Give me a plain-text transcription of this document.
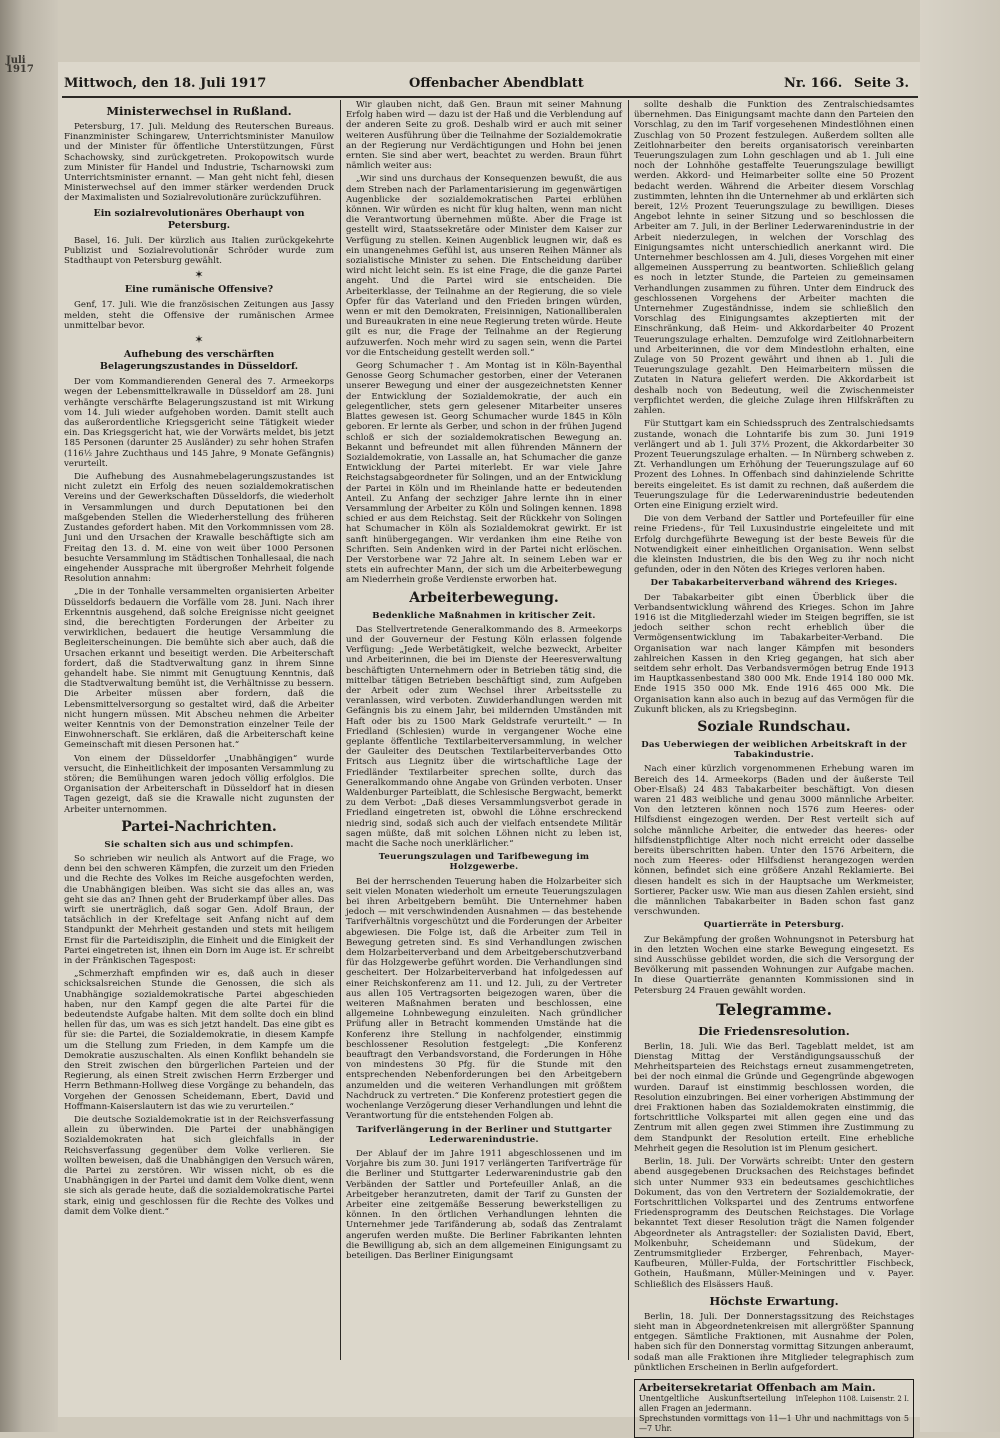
Juli 1917
Mittwoch, den 18. Juli 1917	Offenbacher Abendblatt	Nr. 166. Seite 3.
Ministerwechsel in Rußland.

Petersburg, 17. Juli. Meldung des Reuterschen Bureaus. Finanzminister Schingarew, Unterrichtsminister Manuilow und der Minister für öffentliche Unterstützungen, Fürst Schachowsky, sind zurückgetreten. Prokopowitsch wurde zum Minister für Handel und Industrie, Tscharnowski zum Unterrichtsminister ernannt. — Man geht nicht fehl, diesen Ministerwechsel auf den immer stärker werdenden Druck der Maximalisten und Sozialrevolutionäre zurückzuführen.

Ein sozialrevolutionäres Oberhaupt von Petersburg.

Basel, 16. Juli. Der kürzlich aus Italien zurückgekehrte Publizist und Sozialrevolutionär Schröder wurde zum Stadthaupt von Petersburg gewählt.

✶
Eine rumänische Offensive?

Genf, 17. Juli. Wie die französischen Zeitungen aus Jassy melden, steht die Offensive der rumänischen Armee unmittelbar bevor.

✶
Aufhebung des verschärften Belagerungszustandes in Düsseldorf.

Der vom Kommandierenden General des 7. Armeekorps wegen der Lebensmittelkrawalle in Düsseldorf am 28. Juni verhängte verschärfte Belagerungszustand ist mit Wirkung vom 14. Juli wieder aufgehoben worden. Damit stellt auch das außerordentliche Kriegsgericht seine Tätigkeit wieder ein. Das Kriegsgericht hat, wie der Vorwärts meldet, bis jetzt 185 Personen (darunter 25 Ausländer) zu sehr hohen Strafen (116½ Jahre Zuchthaus und 145 Jahre, 9 Monate Gefängnis) verurteilt.

Die Aufhebung des Ausnahmebelagerungszustandes ist nicht zuletzt ein Erfolg des neuen sozialdemokratischen Vereins und der Gewerkschaften Düsseldorfs, die wiederholt in Versammlungen und durch Deputationen bei den maßgebenden Stellen die Wiederherstellung des früheren Zustandes gefordert haben. Mit den Vorkommnissen vom 28. Juni und den Ursachen der Krawalle beschäftigte sich am Freitag den 13. d. M. eine von weit über 1000 Personen besuchte Versammlung im Städtischen Tonhallesaal, die nach eingehender Aussprache mit übergroßer Mehrheit folgende Resolution annahm:

„Die in der Tonhalle versammelten organisierten Arbeiter Düsseldorfs bedauern die Vorfälle vom 28. Juni. Nach ihrer Erkenntnis ausgehend, daß solche Ereignisse nicht geeignet sind, die berechtigten Forderungen der Arbeiter zu verwirklichen, bedauert die heutige Versammlung die Begleiterscheinungen. Die bemühte sich aber auch, daß die Ursachen erkannt und beseitigt werden. Die Arbeiterschaft fordert, daß die Stadtverwaltung ganz in ihrem Sinne gehandelt habe. Sie nimmt mit Genugtuung Kenntnis, daß die Stadtverwaltung bemüht ist, die Verhältnisse zu bessern. Die Arbeiter müssen aber fordern, daß die Lebensmittelversorgung so gestaltet wird, daß die Arbeiter nicht hungern müssen. Mit Abscheu nehmen die Arbeiter weiter Kenntnis von der Demonstration einzelner Teile der Einwohnerschaft. Sie erklären, daß die Arbeiterschaft keine Gemeinschaft mit diesen Personen hat.“

Von einem der Düsseldorfer „Unabhängigen“ wurde versucht, die Einheitlichkeit der imposanten Versammlung zu stören; die Bemühungen waren jedoch völlig erfolglos. Die Organisation der Arbeiterschaft in Düsseldorf hat in diesen Tagen gezeigt, daß sie die Krawalle nicht zugunsten der Arbeiter unternommen.

Partei-Nachrichten.
Sie schalten sich aus und schimpfen.

So schrieben wir neulich als Antwort auf die Frage, wo denn bei den schweren Kämpfen, die zurzeit um den Frieden und die Rechte des Volkes im Reiche ausgefochten werden, die Unabhängigen bleiben. Was sicht sie das alles an, was geht sie das an? Ihnen geht der Bruderkampf über alles. Das wirft sie unerträglich, daß sogar Gen. Adolf Braun, der tatsächlich in der Krefeltage seit Anfang nicht auf dem Standpunkt der Mehrheit gestanden und stets mit heiligem Ernst für die Parteidisziplin, die Einheit und die Einigkeit der Partei eingetreten ist, ihnen ein Dorn im Auge ist. Er schreibt in der Fränkischen Tagespost:

„Schmerzhaft empfinden wir es, daß auch in dieser schicksalsreichen Stunde die Genossen, die sich als Unabhängige sozialdemokratische Partei abgeschieden haben, nur den Kampf gegen die alte Partei für die bedeutendste Aufgabe halten. Mit dem sollte doch ein blind hellen für das, um was es sich jetzt handelt. Das eine gibt es für sie: die Partei, die Sozialdemokratie, in diesem Kampfe um die Stellung zum Frieden, in dem Kampfe um die Demokratie auszuschalten. Als einen Konflikt behandeln sie den Streit zwischen den bürgerlichen Parteien und der Regierung, als einen Streit zwischen Herrn Erzberger und Herrn Bethmann-Hollweg diese Vorgänge zu behandeln, das Vorgehen der Genossen Scheidemann, Ebert, David und Hoffmann-Kaiserslautern ist das wie zu verurteilen.“

Die deutsche Sozialdemokratie ist in der Reichsverfassung allein zu überwinden. Die Partei der unabhängigen Sozialdemokraten hat sich gleichfalls in der Reichsverfassung gegenüber dem Volke verlieren. Sie wollten beweisen, daß die Unabhängigen den Versuch wären, die Partei zu zerstören. Wir wissen nicht, ob es die Unabhängigen in der Partei und damit dem Volke dient, wenn sie sich als gerade heute, daß die sozialdemokratische Partei stark, einig und geschlossen für die Rechte des Volkes und damit dem Volke dient.“

Wir glauben nicht, daß Gen. Braun mit seiner Mahnung Erfolg haben wird — dazu ist der Haß und die Verblendung auf der anderen Seite zu groß. Deshalb wird er auch mit seiner weiteren Ausführung über die Teilnahme der Sozialdemokratie an der Regierung nur Verdächtigungen und Hohn bei jenen ernten. Sie sind aber wert, beachtet zu werden. Braun führt nämlich weiter aus:

„Wir sind uns durchaus der Konsequenzen bewußt, die aus dem Streben nach der Parlamentarisierung im gegenwärtigen Augenblicke der sozialdemokratischen Partei erblühen können. Wir würden es nicht für klug halten, wenn man nicht die Verantwortung übernehmen müßte. Aber die Frage ist gestellt wird, Staatssekretäre oder Minister dem Kaiser zur Verfügung zu stellen. Keinen Augenblick leugnen wir, daß es ein unangenehmes Gefühl ist, aus unseren Reihen Männer als sozialistische Minister zu sehen. Die Entscheidung darüber wird nicht leicht sein. Es ist eine Frage, die die ganze Partei angeht. Und die Partei wird sie entscheiden. Die Arbeiterklasse, der Teilnahme an der Regierung, die so viele Opfer für das Vaterland und den Frieden bringen würden, wenn er mit den Demokraten, Freisinnigen, Nationalliberalen und Bureaukraten in eine neue Regierung treten würde. Heute gilt es nur, die Frage der Teilnahme an der Regierung aufzuwerfen. Noch mehr wird zu sagen sein, wenn die Partei vor die Entscheidung gestellt werden soll.“

Georg Schumacher †. Am Montag ist in Köln-Bayenthal Genosse Georg Schumacher gestorben, einer der Veteranen unserer Bewegung und einer der ausgezeichnetsten Kenner der Entwicklung der Sozialdemokratie, der auch ein gelegentlicher, stets gern gelesener Mitarbeiter unseres Blattes gewesen ist. Georg Schumacher wurde 1845 in Köln geboren. Er lernte als Gerber, und schon in der frühen Jugend schloß er sich der sozialdemokratischen Bewegung an. Bekannt und befreundet mit allen führenden Männern der Sozialdemokratie, von Lassalle an, hat Schumacher die ganze Entwicklung der Partei miterlebt. Er war viele Jahre Reichstagsabgeordneter für Solingen, und an der Entwicklung der Partei in Köln und im Rheinlande hatte er bedeutenden Anteil. Zu Anfang der sechziger Jahre lernte ihn in einer Versammlung der Arbeiter zu Köln und Solingen kennen. 1898 schied er aus dem Reichstag. Seit der Rückkehr von Solingen hat Schumacher in Köln als Sozialdemokrat gewirkt. Er ist sanft hinübergegangen. Wir verdanken ihm eine Reihe von Schriften. Sein Andenken wird in der Partei nicht erlöschen. Der Verstorbene war 72 Jahre alt. In seinem Leben war er stets ein aufrechter Mann, der sich um die Arbeiterbewegung am Niederrhein große Verdienste erworben hat.

Arbeiterbewegung.
Bedenkliche Maßnahmen in kritischer Zeit.

Das Stellvertretende Generalkommando des 8. Armeekorps und der Gouverneur der Festung Köln erlassen folgende Verfügung: „Jede Werbetätigkeit, welche bezweckt, Arbeiter und Arbeiterinnen, die bei im Dienste der Heeresverwaltung beschäftigten Unternehmern oder in Betrieben tätig sind, die mittelbar tätigen Betrieben beschäftigt sind, zum Aufgeben der Arbeit oder zum Wechsel ihrer Arbeitsstelle zu veranlassen, wird verboten. Zuwiderhandlungen werden mit Gefängnis bis zu einem Jahr, bei mildernden Umständen mit Haft oder bis zu 1500 Mark Geldstrafe verurteilt.“ — In Friedland (Schlesien) wurde in vergangener Woche eine geplante öffentliche Textilarbeiterversammlung, in welcher der Gauleiter des Deutschen Textilarbeiterverbandes Otto Fritsch aus Liegnitz über die wirtschaftliche Lage der Friedländer Textilarbeiter sprechen sollte, durch das Generalkommando ohne Angabe von Gründen verboten. Unser Waldenburger Parteiblatt, die Schlesische Bergwacht, bemerkt zu dem Verbot: „Daß dieses Versammlungsverbot gerade in Friedland eingetreten ist, obwohl die Löhne erschreckend niedrig sind, sodaß sich auch der vielfach entsendete Militär sagen müßte, daß mit solchen Löhnen nicht zu leben ist, macht die Sache noch unerklärlicher.“

Teuerungszulagen und Tarifbewegung im Holzgewerbe.

Bei der herrschenden Teuerung haben die Holzarbeiter sich seit vielen Monaten wiederholt um erneute Teuerungszulagen bei ihren Arbeitgebern bemüht. Die Unternehmer haben jedoch — mit verschwindenden Ausnahmen — das bestehende Tarifverhältnis vorgeschützt und die Forderungen der Arbeiter abgewiesen. Die Folge ist, daß die Arbeiter zum Teil in Bewegung getreten sind. Es sind Verhandlungen zwischen dem Holzarbeiterverband und dem Arbeitgeberschutzverband für das Holzgewerbe geführt worden. Die Verhandlungen sind gescheitert. Der Holzarbeiterverband hat infolgedessen auf einer Reichskonferenz am 11. und 12. Juli, zu der Vertreter aus allen 105 Vertragsorten beigezogen waren, über die weiteren Maßnahmen beraten und beschlossen, eine allgemeine Lohnbewegung einzuleiten. Nach gründlicher Prüfung aller in Betracht kommenden Umstände hat die Konferenz ihre Stellung in nachfolgender, einstimmig beschlossener Resolution festgelegt: „Die Konferenz beauftragt den Verbandsvorstand, die Forderungen in Höhe von mindestens 30 Pfg. für die Stunde mit den entsprechenden Nebenforderungen bei den Arbeitgebern anzumelden und die weiteren Verhandlungen mit größtem Nachdruck zu vertreten.“ Die Konferenz protestiert gegen die wochenlange Verzögerung dieser Verhandlungen und lehnt die Verantwortung für die entstehenden Folgen ab.

Tarifverlängerung in der Berliner und Stuttgarter Lederwarenindustrie.

Der Ablauf der im Jahre 1911 abgeschlossenen und im Vorjahre bis zum 30. Juni 1917 verlängerten Tarifverträge für die Berliner und Stuttgarter Lederwarenindustrie gab den Verbänden der Sattler und Portefeuiller Anlaß, an die Arbeitgeber heranzutreten, damit der Tarif zu Gunsten der Arbeiter eine zeitgemäße Besserung bewerkstelligen zu können. In den örtlichen Verhandlungen lehnten die Unternehmer jede Tarifänderung ab, sodaß das Zentralamt angerufen werden mußte. Die Berliner Fabrikanten lehnten die Bewilligung ab, sich an dem allgemeinen Einigungsamt zu beteiligen. Das Berliner Einigungsamt

sollte deshalb die Funktion des Zentralschiedsamtes übernehmen. Das Einigungsamt machte dann den Parteien den Vorschlag, zu den im Tarif vorgesehenen Mindestlöhnen einen Zuschlag von 50 Prozent festzulegen. Außerdem sollten alle Zeitlohnarbeiter den bereits organisatorisch vereinbarten Teuerungszulagen zum Lohn geschlagen und ab 1. Juli eine noch der Lohnhöhe gestaffelte Teuerungszulage bewilligt werden. Akkord- und Heimarbeiter sollte eine 50 Prozent bedacht werden. Während die Arbeiter diesem Vorschlag zustimmten, lehnten ihn die Unternehmer ab und erklärten sich bereit, 12½ Prozent Teuerungszulage zu bewilligen. Dieses Angebot lehnte in seiner Sitzung und so beschlossen die Arbeiter am 7. Juli, in der Berliner Lederwarenindustrie in der Arbeit niederzulegen, in welchen der Vorschlag des Einigungsamtes nicht unterschiedlich anerkannt wird. Die Unternehmer beschlossen am 4. Juli, dieses Vorgehen mit einer allgemeinen Aussperrung zu beantworten. Schließlich gelang es noch in letzter Stunde, die Parteien zu gemeinsamen Verhandlungen zusammen zu führen. Unter dem Eindruck des geschlossenen Vorgehens der Arbeiter machten die Unternehmer Zugeständnisse, indem sie schließlich den Vorschlag des Einigungsamtes akzeptierten mit der Einschränkung, daß Heim- und Akkordarbeiter 40 Prozent Teuerungszulage erhalten. Demzufolge wird Zeitlohnarbeitern und Arbeiterinnen, die vor dem Mindestlohn erhalten, eine Zulage von 50 Prozent gewährt und ihnen ab 1. Juli die Teuerungszulage gezahlt. Den Heimarbeitern müssen die Zutaten in Natura geliefert werden. Die Akkordarbeit ist deshalb noch von Bedeutung, weil die Zwischenmeister verpflichtet werden, die gleiche Zulage ihren Hilfskräften zu zahlen.

Für Stuttgart kam ein Schiedsspruch des Zentralschiedsamts zustande, wonach die Lohntarife bis zum 30. Juni 1919 verlängert und ab 1. Juli 37½ Prozent, die Akkordarbeiter 30 Prozent Teuerungszulage erhalten. — In Nürnberg schweben z. Zt. Verhandlungen um Erhöhung der Teuerungszulage auf 60 Prozent des Lohnes. In Offenbach sind dahinzielende Schritte bereits eingeleitet. Es ist damit zu rechnen, daß außerdem die Teuerungszulage für die Lederwarenindustrie bedeutenden Orten eine Einigung erzielt wird.

Die von dem Verband der Sattler und Portefeuiller für eine reine Friedens-, für Teil Luxusindustrie eingeleitete und mit Erfolg durchgeführte Bewegung ist der beste Beweis für die Notwendigkeit einer einheitlichen Organisation. Wenn selbst die kleinsten Industrien, die bis den Weg zu ihr noch nicht gefunden, oder in den Nöten des Krieges verloren haben.

Der Tabakarbeiterverband während des Krieges.

Der Tabakarbeiter gibt einen Überblick über die Verbandsentwicklung während des Krieges. Schon im Jahre 1916 ist die Mitgliederzahl wieder im Steigen begriffen, sie ist jedoch seither schon recht erheblich über die Vermögensentwicklung im Tabakarbeiter-Verband. Die Organisation war nach langer Kämpfen mit besonders zahlreichen Kassen in den Krieg gegangen, hat sich aber seitdem sehr erholt. Das Verbandsvermögen betrug Ende 1913 im Hauptkassenbestand 380 000 Mk. Ende 1914 180 000 Mk. Ende 1915 350 000 Mk. Ende 1916 465 000 Mk. Die Organisation kann also auch in bezug auf das Vermögen für die Zukunft blicken, als zu Kriegsbeginn.

Soziale Rundschau.
Das Ueberwiegen der weiblichen Arbeitskraft in der Tabakindustrie.

Nach einer kürzlich vorgenommenen Erhebung waren im Bereich des 14. Armeekorps (Baden und der äußerste Teil Ober-Elsaß) 24 483 Tabakarbeiter beschäftigt. Von diesen waren 21 483 weibliche und genau 3000 männliche Arbeiter. Von den letzteren können noch 1576 zum Heeres- oder Hilfsdienst eingezogen werden. Der Rest verteilt sich auf solche männliche Arbeiter, die entweder das heeres- oder hilfsdienstpflichtige Alter noch nicht erreicht oder dasselbe bereits überschritten haben. Unter den 1576 Arbeitern, die noch zum Heeres- oder Hilfsdienst herangezogen werden können, befindet sich eine größere Anzahl Reklamierte. Bei diesen handelt es sich in der Hauptsache um Werkmeister, Sortierer, Packer usw. Wie man aus diesen Zahlen ersieht, sind die männlichen Tabakarbeiter in Baden schon fast ganz verschwunden.

Quartierräte in Petersburg.

Zur Bekämpfung der großen Wohnungsnot in Petersburg hat in den letzten Wochen eine starke Bewegung eingesetzt. Es sind Ausschüsse gebildet worden, die sich die Versorgung der Bevölkerung mit passenden Wohnungen zur Aufgabe machen. In diese Quartierräte genannten Kommissionen sind in Petersburg 24 Frauen gewählt worden.

Telegramme.
Die Friedensresolution.

Berlin, 18. Juli. Wie das Berl. Tageblatt meldet, ist am Dienstag Mittag der Verständigungsausschuß der Mehrheitsparteien des Reichstags erneut zusammengetreten, bei der noch einmal die Gründe und Gegengründe abgewogen wurden. Darauf ist einstimmig beschlossen worden, die Resolution einzubringen. Bei einer vorherigen Abstimmung der drei Fraktionen haben das Sozialdemokraten einstimmig, die fortschrittliche Volkspartei mit allen gegen eine und das Zentrum mit allen gegen zwei Stimmen ihre Zustimmung zu dem Standpunkt der Resolution erteilt. Eine erhebliche Mehrheit gegen die Resolution ist im Plenum gesichert.

Berlin, 18. Juli. Der Vorwärts schreibt: Unter den gestern abend ausgegebenen Drucksachen des Reichstages befindet sich unter Nummer 933 ein bedeutsames geschichtliches Dokument, das von den Vertretern der Sozialdemokratie, der Fortschrittlichen Volkspartei und des Zentrums entworfene Friedensprogramm des Deutschen Reichstages. Die Vorlage bekanntet Text dieser Resolution trägt die Namen folgender Abgeordneter als Antragsteller: der Sozialisten David, Ebert, Molkenbuhr, Scheidemann und Südekum, der Zentrumsmitglieder Erzberger, Fehrenbach, Mayer-Kaufbeuren, Müller-Fulda, der Fortschrittler Fischbeck, Gothein, Haußmann, Müller-Meiningen und v. Payer. Schließlich des Elsässers Hauß.

Höchste Erwartung.

Berlin, 18. Juli. Der Donnerstagssitzung des Reichstages sieht man in Abgeordnetenkreisen mit allergrößter Spannung entgegen. Sämtliche Fraktionen, mit Ausnahme der Polen, haben sich für den Donnerstag vormittag Sitzungen anberaumt, sodaß man alle Fraktionen ihre Mitglieder telegraphisch zum pünktlichen Erscheinen in Berlin aufgefordert.

Arbeitersekretariat Offenbach am Main.
Telephon 1108. Luisenstr. 2 I.
Unentgeltliche Auskunftserteilung in allen Fragen an jedermann.
Sprechstunden vormittags von 11—1 Uhr und nachmittags von 5—7 Uhr.
